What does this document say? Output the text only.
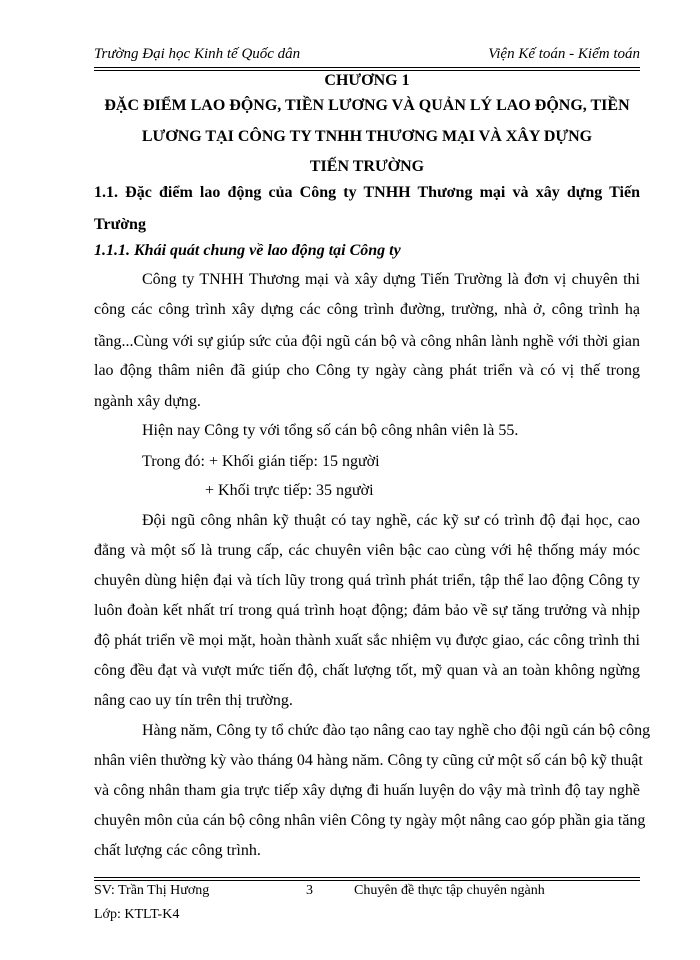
Trường Đại học Kinh tế Quốc dân	Viện Kế toán - Kiểm toán
CHƯƠNG 1
ĐẶC ĐIỂM LAO ĐỘNG, TIỀN LƯƠNG VÀ QUẢN LÝ LAO ĐỘNG, TIỀN
LƯƠNG TẠI CÔNG TY TNHH THƯƠNG MẠI VÀ XÂY DỰNG
TIẾN TRƯỜNG
1.1. Đặc điểm lao động của Công ty TNHH Thương mại và xây dựng Tiến
Trường
1.1.1. Khái quát chung về lao động tại Công ty
Công ty TNHH Thương mại và xây dựng Tiến Trường là đơn vị chuyên thi
công các công trình xây dựng các công trình đường, trường, nhà ở, công trình hạ
tầng...Cùng với sự giúp sức của đội ngũ cán bộ và công nhân lành nghề với thời gian
lao động thâm niên đã giúp cho Công ty ngày càng phát triển và có vị thế trong
ngành xây dựng.
Hiện nay Công ty với tổng số cán bộ công nhân viên là 55.
Trong đó: + Khối gián tiếp: 15 người
+ Khối trực tiếp: 35 người
Đội ngũ công nhân kỹ thuật có tay nghề, các kỹ sư có trình độ đại học, cao
đẳng và một số là trung cấp, các chuyên viên bậc cao cùng với hệ thống máy móc
chuyên dùng hiện đại và tích lũy trong quá trình phát triển, tập thể lao động Công ty
luôn đoàn kết nhất trí trong quá trình hoạt động; đảm bảo về sự tăng trưởng và nhịp
độ phát triển về mọi mặt, hoàn thành xuất sắc nhiệm vụ được giao, các công trình thi
công đều đạt và vượt mức tiến độ, chất lượng tốt, mỹ quan và an toàn không ngừng
nâng cao uy tín trên thị trường.
Hàng năm, Công ty tổ chức đào tạo nâng cao tay nghề cho đội ngũ cán bộ công
nhân viên thường kỳ vào tháng 04 hàng năm. Công ty cũng cử một số cán bộ kỹ thuật
và công nhân tham gia trực tiếp xây dựng đi huấn luyện do vậy mà trình độ tay nghề
chuyên môn của cán bộ công nhân viên Công ty ngày một nâng cao góp phần gia tăng
chất lượng các công trình.
SV: Trần Thị Hương	3	Chuyên đề thực tập chuyên ngành
Lớp: KTLT-K4
